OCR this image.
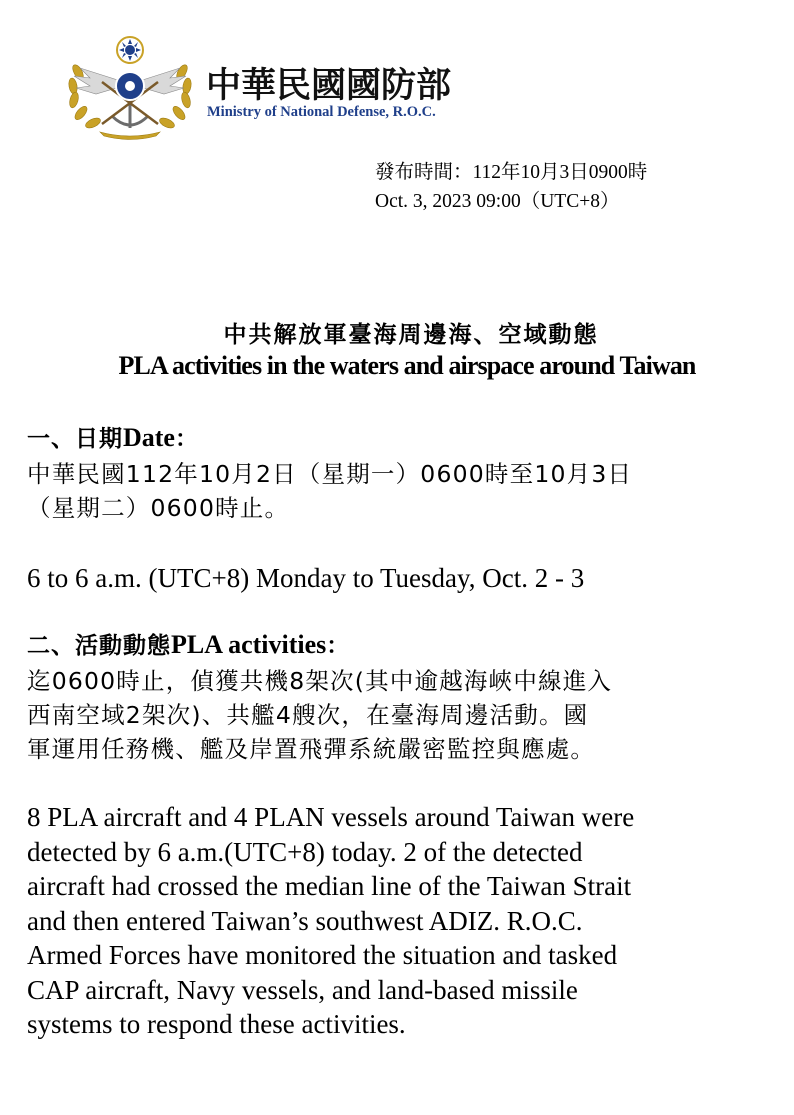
中華民國國防部
Ministry of National Defense, R.O.C.
發布時間：112年10月3日0900時
Oct. 3, 2023 09:00（UTC+8）
中共解放軍臺海周邊海、空域動態
PLA activities in the waters and airspace around Taiwan
一、日期Date：
中華民國112年10月2日（星期一）0600時至10月3日
（星期二）0600時止。
6 to 6 a.m. (UTC+8) Monday to Tuesday, Oct. 2 - 3
二、活動動態PLA activities：
迄0600時止，偵獲共機8架次(其中逾越海峽中線進入
西南空域2架次)、共艦4艘次，在臺海周邊活動。國
軍運用任務機、艦及岸置飛彈系統嚴密監控與應處。
8 PLA aircraft and 4 PLAN vessels around Taiwan were
detected by 6 a.m.(UTC+8) today. 2 of the detected
aircraft had crossed the median line of the Taiwan Strait
and then entered Taiwan’s southwest ADIZ. R.O.C.
Armed Forces have monitored the situation and tasked
CAP aircraft, Navy vessels, and land-based missile
systems to respond these activities.
